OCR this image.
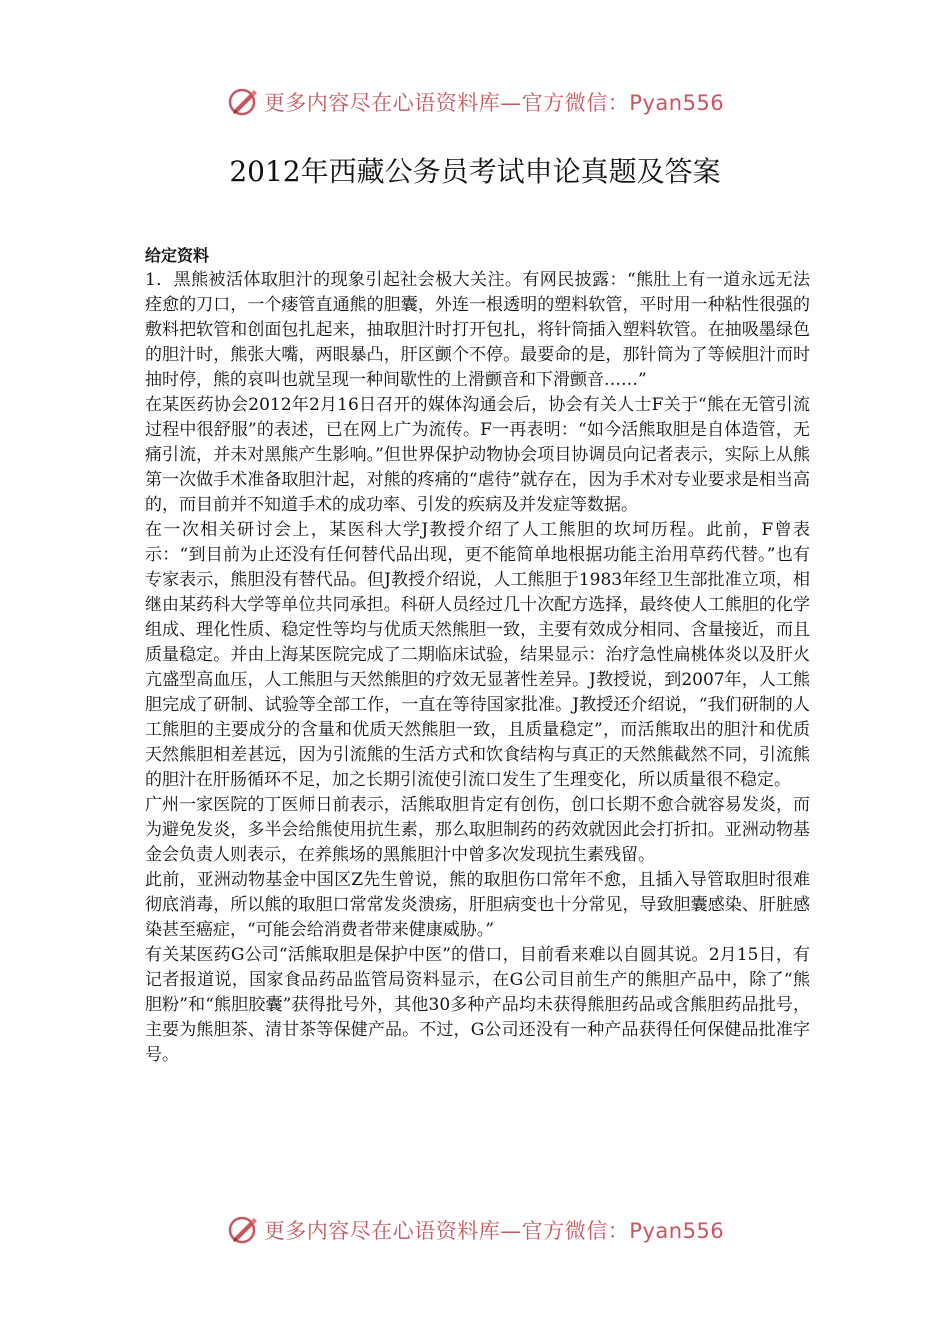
更多内容尽在心语资料库—官方微信：Pyan556
2012年西藏公务员考试申论真题及答案

给定资料

1．黑熊被活体取胆汁的现象引起社会极大关注。有网民披露：“熊肚上有一道永远无法痊愈的刀口，一个瘘管直通熊的胆囊，外连一根透明的塑料软管，平时用一种粘性很强的敷料把软管和创面包扎起来，抽取胆汁时打开包扎，将针筒插入塑料软管。在抽吸墨绿色的胆汁时，熊张大嘴，两眼暴凸，肝区颤个不停。最要命的是，那针筒为了等候胆汁而时抽时停，熊的哀叫也就呈现一种间歇性的上滑颤音和下滑颤音……”

在某医药协会2012年2月16日召开的媒体沟通会后，协会有关人士F关于“熊在无管引流过程中很舒服”的表述，已在网上广为流传。F一再表明：“如今活熊取胆是自体造管，无痛引流，并未对黑熊产生影响。”但世界保护动物协会项目协调员向记者表示，实际上从熊第一次做手术准备取胆汁起，对熊的疼痛的“虐待”就存在，因为手术对专业要求是相当高的，而目前并不知道手术的成功率、引发的疾病及并发症等数据。

在一次相关研讨会上，某医科大学J教授介绍了人工熊胆的坎坷历程。此前，F曾表示：“到目前为止还没有任何替代品出现，更不能简单地根据功能主治用草药代替。”也有专家表示，熊胆没有替代品。但J教授介绍说，人工熊胆于1983年经卫生部批准立项，相继由某药科大学等单位共同承担。科研人员经过几十次配方选择，最终使人工熊胆的化学组成、理化性质、稳定性等均与优质天然熊胆一致，主要有效成分相同、含量接近，而且质量稳定。并由上海某医院完成了二期临床试验，结果显示：治疗急性扁桃体炎以及肝火亢盛型高血压，人工熊胆与天然熊胆的疗效无显著性差异。J教授说，到2007年，人工熊胆完成了研制、试验等全部工作，一直在等待国家批准。J教授还介绍说，“我们研制的人工熊胆的主要成分的含量和优质天然熊胆一致，且质量稳定”，而活熊取出的胆汁和优质天然熊胆相差甚远，因为引流熊的生活方式和饮食结构与真正的天然熊截然不同，引流熊的胆汁在肝肠循环不足，加之长期引流使引流口发生了生理变化，所以质量很不稳定。

广州一家医院的丁医师日前表示，活熊取胆肯定有创伤，创口长期不愈合就容易发炎，而为避免发炎，多半会给熊使用抗生素，那么取胆制药的药效就因此会打折扣。亚洲动物基金会负责人则表示，在养熊场的黑熊胆汁中曾多次发现抗生素残留。

此前，亚洲动物基金中国区Z先生曾说，熊的取胆伤口常年不愈，且插入导管取胆时很难彻底消毒，所以熊的取胆口常常发炎溃疡，肝胆病变也十分常见，导致胆囊感染、肝脏感染甚至癌症，“可能会给消费者带来健康威胁。”

有关某医药G公司“活熊取胆是保护中医”的借口，目前看来难以自圆其说。2月15日，有记者报道说，国家食品药品监管局资料显示，在G公司目前生产的熊胆产品中，除了“熊胆粉”和“熊胆胶囊”获得批号外，其他30多种产品均未获得熊胆药品或含熊胆药品批号，主要为熊胆茶、清甘茶等保健产品。不过，G公司还没有一种产品获得任何保健品批准字号。

更多内容尽在心语资料库—官方微信：Pyan556
